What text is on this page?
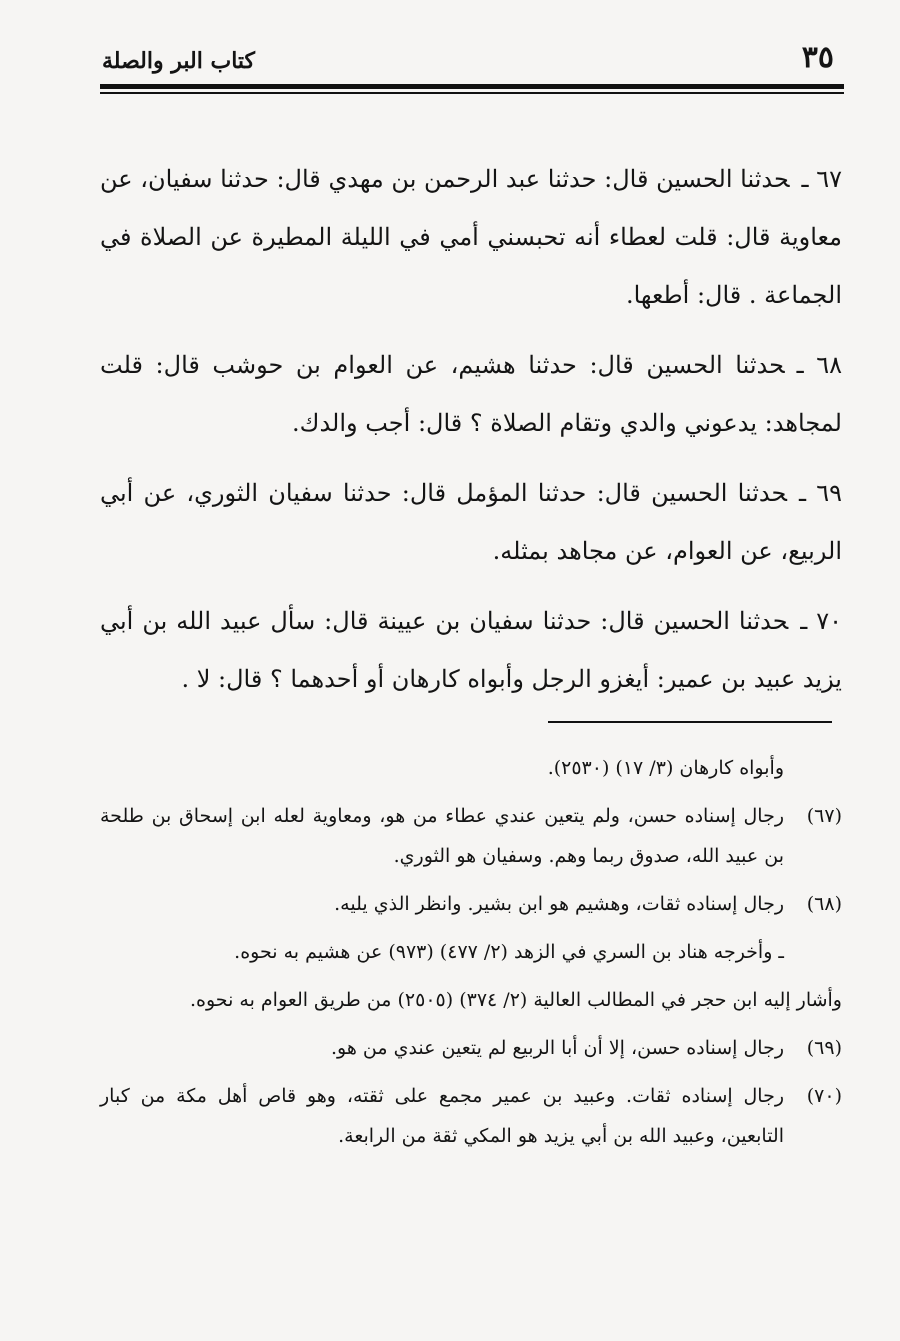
٣٥
كتاب البر والصلة

٦٧ ـحدثنا الحسين قال: حدثنا عبد الرحمن بن مهدي قال: حدثنا سفيان، عن معاوية قال: قلت لعطاء أنه تحبسني أمي في الليلة المطيرة عن الصلاة في الجماعة . قال: أطعها.

٦٨ ـحدثنا الحسين قال: حدثنا هشيم، عن العوام بن حوشب قال: قلت لمجاهد: يدعوني والدي وتقام الصلاة ؟ قال: أجب والدك.

٦٩ ـحدثنا الحسين قال: حدثنا المؤمل قال: حدثنا سفيان الثوري، عن أبي الربيع، عن العوام، عن مجاهد بمثله.

٧٠ ـحدثنا الحسين قال: حدثنا سفيان بن عيينة قال: سأل عبيد الله بن أبي يزيد عبيد بن عمير: أيغزو الرجل وأبواه كارهان أو أحدهما ؟ قال: لا .

وأبواه كارهان (٣/ ١٧) (٢٥٣٠).
(٦٧)
رجال إسناده حسن، ولم يتعين عندي عطاء من هو، ومعاوية لعله ابن إسحاق بن طلحة بن عبيد الله، صدوق ربما وهم. وسفيان هو الثوري.
(٦٨)
رجال إسناده ثقات، وهشيم هو ابن بشير. وانظر الذي يليه.
ـ وأخرجه هناد بن السري في الزهد (٢/ ٤٧٧) (٩٧٣) عن هشيم به نحوه.
وأشار إليه ابن حجر في المطالب العالية (٢/ ٣٧٤) (٢٥٠٥) من طريق العوام به نحوه.
(٦٩)
رجال إسناده حسن، إلا أن أبا الربيع لم يتعين عندي من هو.
(٧٠)
رجال إسناده ثقات. وعبيد بن عمير مجمع على ثقته، وهو قاص أهل مكة من كبار التابعين، وعبيد الله بن أبي يزيد هو المكي ثقة من الرابعة.
